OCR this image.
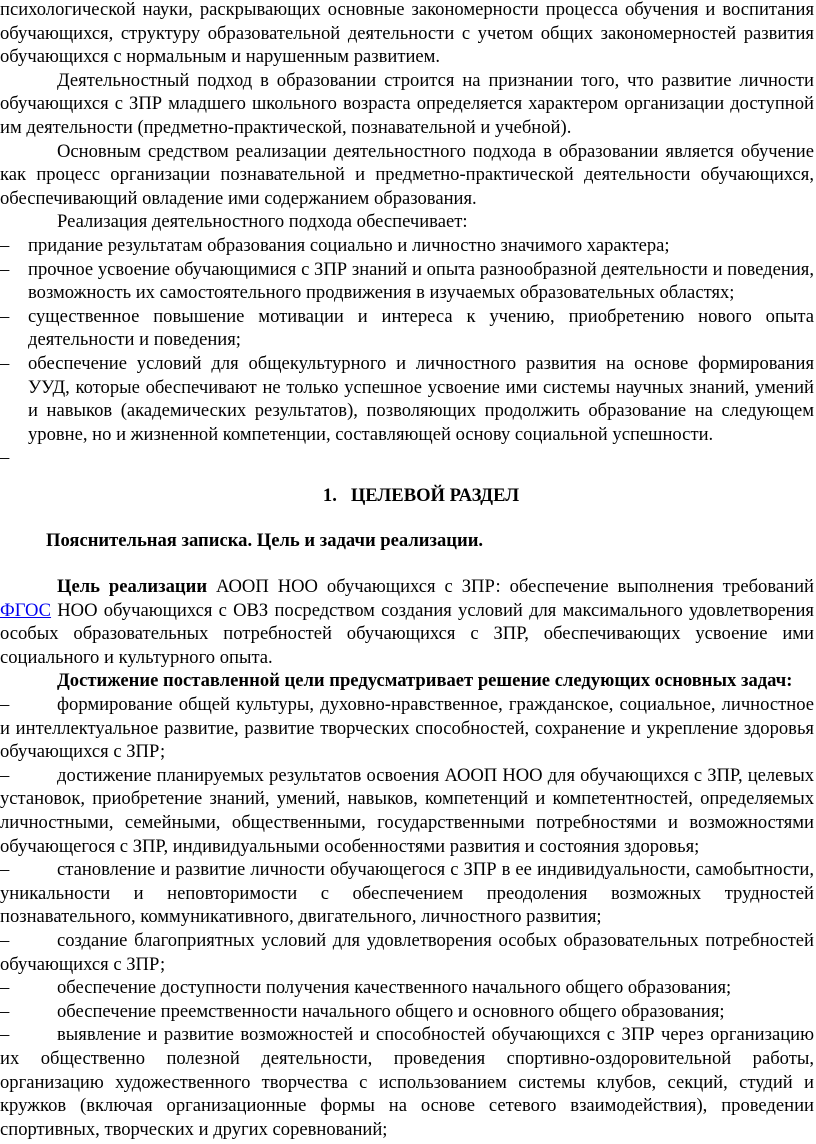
психологической науки, раскрывающих основные закономерности процесса обучения и воспитания обучающихся, структуру образовательной деятельности с учетом общих закономерностей развития обучающихся с нормальным и нарушенным развитием.

Деятельностный подход в образовании строится на признании того, что развитие личности обучающихся с ЗПР младшего школьного возраста определяется характером организации доступной им деятельности (предметно-практической, познавательной и учебной).

Основным средством реализации деятельностного подхода в образовании является обучение как процесс организации познавательной и предметно-практической деятельности обучающихся, обеспечивающий овладение ими содержанием образования.

Реализация деятельностного подхода обеспечивает:

– придание результатам образования социально и личностно значимого характера;

– прочное усвоение обучающимися с ЗПР знаний и опыта разнообразной деятельности и поведения, возможность их самостоятельного продвижения в изучаемых образовательных областях;

– существенное повышение мотивации и интереса к учению, приобретению нового опыта деятельности и поведения;

– обеспечение условий для общекультурного и личностного развития на основе формирования УУД, которые обеспечивают не только успешное усвоение ими системы научных знаний, умений и навыков (академических результатов), позволяющих продолжить образование на следующем уровне, но и жизненной компетенции, составляющей основу социальной успешности.

–

1. ЦЕЛЕВОЙ РАЗДЕЛ

Пояснительная записка. Цель и задачи реализации.

Цель реализации АООП НОО обучающихся с ЗПР: обеспечение выполнения требований ФГОС НОО обучающихся с ОВЗ посредством создания условий для максимального удовлетворения особых образовательных потребностей обучающихся с ЗПР, обеспечивающих усвоение ими социального и культурного опыта.

Достижение поставленной цели предусматривает решение следующих основных задач:

–	формирование общей культуры, духовно-нравственное, гражданское, социальное, личностное и интеллектуальное развитие, развитие творческих способностей, сохранение и укрепление здоровья обучающихся с ЗПР;

–	достижение планируемых результатов освоения АООП НОО для обучающихся с ЗПР, целевых установок, приобретение знаний, умений, навыков, компетенций и компетентностей, определяемых личностными, семейными, общественными, государственными потребностями и возможностями обучающегося с ЗПР, индивидуальными особенностями развития и состояния здоровья;

–	становление и развитие личности обучающегося с ЗПР в ее индивидуальности, самобытности, уникальности и неповторимости с обеспечением преодоления возможных трудностей познавательного, коммуникативного, двигательного, личностного развития;

–	создание благоприятных условий для удовлетворения особых образовательных потребностей обучающихся с ЗПР;

–	обеспечение доступности получения качественного начального общего образования;

–	обеспечение преемственности начального общего и основного общего образования;

–	выявление и развитие возможностей и способностей обучающихся с ЗПР через организацию их общественно полезной деятельности, проведения спортивно-оздоровительной работы, организацию художественного творчества с использованием системы клубов, секций, студий и кружков (включая организационные формы на основе сетевого взаимодействия), проведении спортивных, творческих и других соревнований;
